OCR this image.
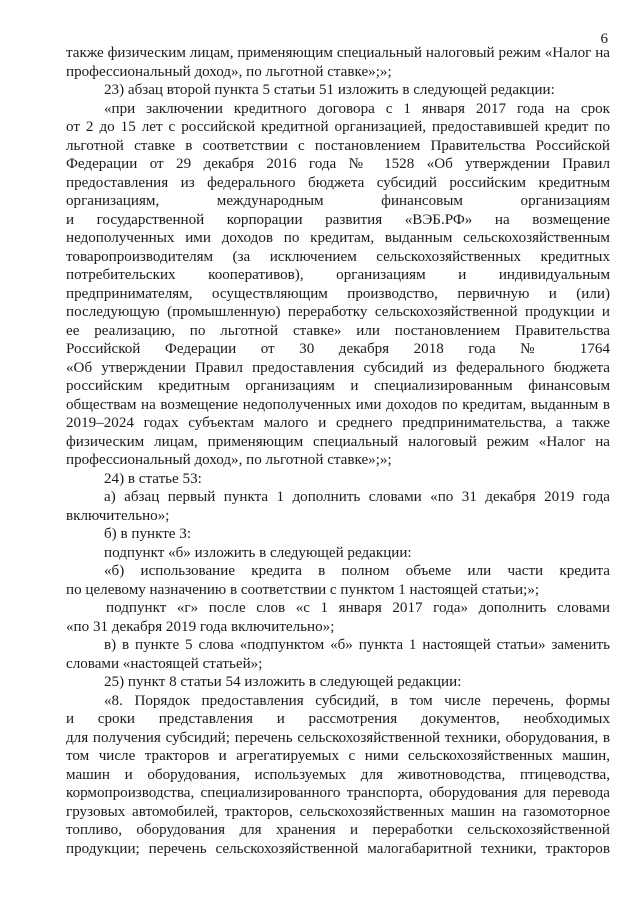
6
также физическим лицам, применяющим специальный налоговый режим «Налог на
профессиональный доход», по льготной ставке»;»;
23) абзац второй пункта 5 статьи 51 изложить в следующей редакции:
«при заключении кредитного договора с 1 января 2017 года на срок
от 2 до 15 лет с российской кредитной организацией, предоставившей кредит по
льготной ставке в соответствии с постановлением Правительства Российской
Федерации от 29 декабря 2016 года № 1528 «Об утверждении Правил
предоставления из федерального бюджета субсидий российским кредитным
организациям, международным финансовым организациям
и государственной корпорации развития «ВЭБ.РФ» на возмещение
недополученных ими доходов по кредитам, выданным сельскохозяйственным
товаропроизводителям (за исключением сельскохозяйственных кредитных
потребительских кооперативов), организациям и индивидуальным
предпринимателям, осуществляющим производство, первичную и (или)
последующую (промышленную) переработку сельскохозяйственной продукции и
ее реализацию, по льготной ставке» или постановлением Правительства
Российской Федерации от 30 декабря 2018 года № 1764
«Об утверждении Правил предоставления субсидий из федерального бюджета
российским кредитным организациям и специализированным финансовым
обществам на возмещение недополученных ими доходов по кредитам, выданным в
2019–2024 годах субъектам малого и среднего предпринимательства, а также
физическим лицам, применяющим специальный налоговый режим «Налог на
профессиональный доход», по льготной ставке»;»;
24) в статье 53:
а) абзац первый пункта 1 дополнить словами «по 31 декабря 2019 года
включительно»;
б) в пункте 3:
подпункт «б» изложить в следующей редакции:
«б) использование кредита в полном объеме или части кредита
по целевому назначению в соответствии с пунктом 1 настоящей статьи;»;
подпункт «г» после слов «с 1 января 2017 года» дополнить словами
«по 31 декабря 2019 года включительно»;
в) в пункте 5 слова «подпунктом «б» пункта 1 настоящей статьи» заменить
словами «настоящей статьей»;
25) пункт 8 статьи 54 изложить в следующей редакции:
«8. Порядок предоставления субсидий, в том числе перечень, формы
и сроки представления и рассмотрения документов, необходимых
для получения субсидий; перечень сельскохозяйственной техники, оборудования, в
том числе тракторов и агрегатируемых с ними сельскохозяйственных машин,
машин и оборудования, используемых для животноводства, птицеводства,
кормопроизводства, специализированного транспорта, оборудования для перевода
грузовых автомобилей, тракторов, сельскохозяйственных машин на газомоторное
топливо, оборудования для хранения и переработки сельскохозяйственной
продукции; перечень сельскохозяйственной малогабаритной техники, тракторов
